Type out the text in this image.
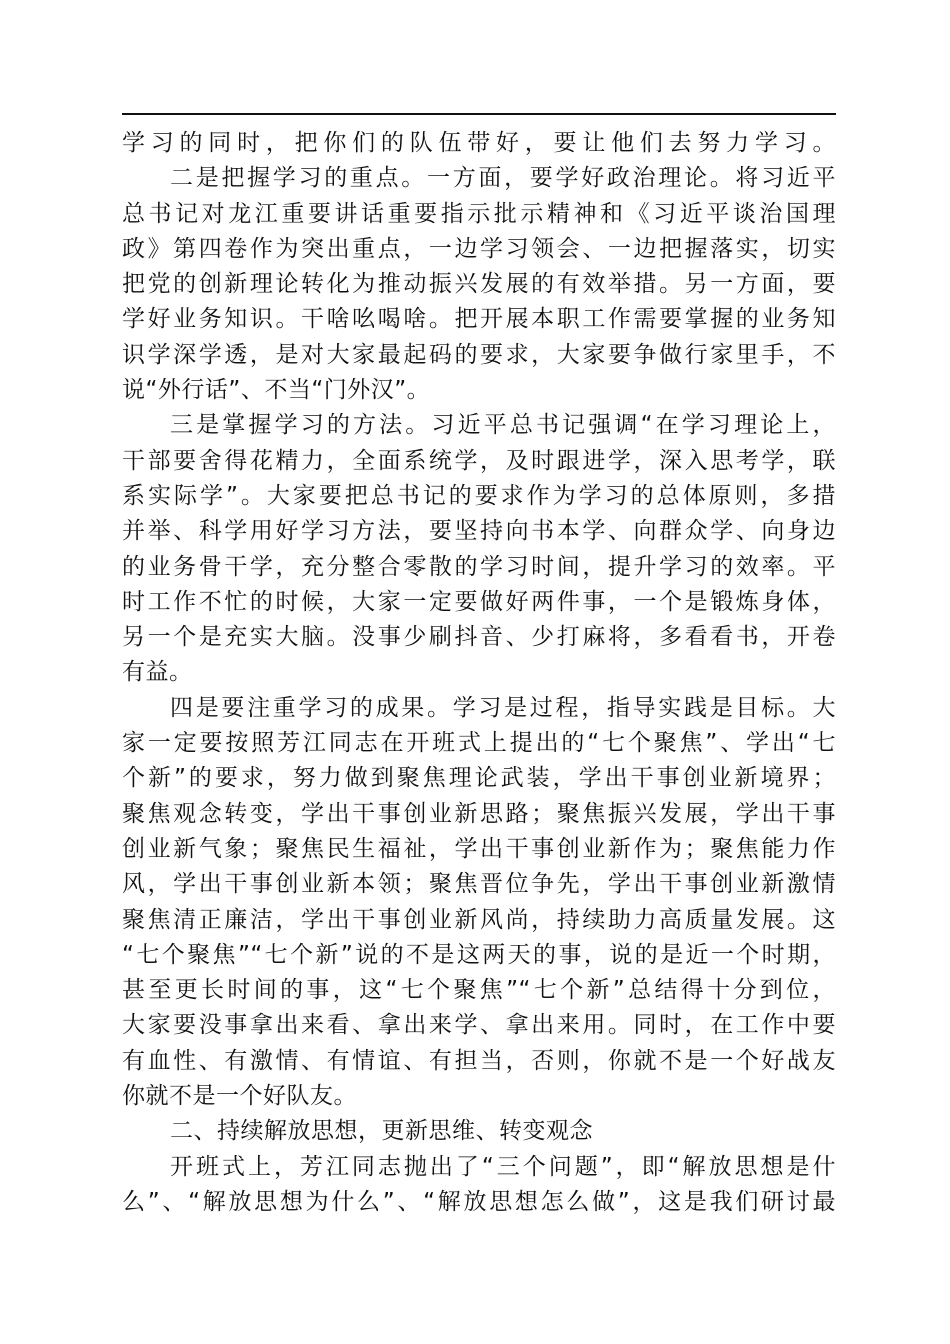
学习的同时，把你们的队伍带好，要让他们去努力学习。
二是把握学习的重点。一方面，要学好政治理论。将习近平
总书记对龙江重要讲话重要指示批示精神和《习近平谈治国理
政》第四卷作为突出重点，一边学习领会、一边把握落实，切实
把党的创新理论转化为推动振兴发展的有效举措。另一方面，要
学好业务知识。干啥吆喝啥。把开展本职工作需要掌握的业务知
识学深学透，是对大家最起码的要求，大家要争做行家里手，不
说“外行话”、不当“门外汉”。
三是掌握学习的方法。习近平总书记强调“在学习理论上，
干部要舍得花精力，全面系统学，及时跟进学，深入思考学，联
系实际学”。大家要把总书记的要求作为学习的总体原则，多措
并举、科学用好学习方法，要坚持向书本学、向群众学、向身边
的业务骨干学，充分整合零散的学习时间，提升学习的效率。平
时工作不忙的时候，大家一定要做好两件事，一个是锻炼身体，
另一个是充实大脑。没事少刷抖音、少打麻将，多看看书，开卷
有益。
四是要注重学习的成果。学习是过程，指导实践是目标。大
家一定要按照芳江同志在开班式上提出的“七个聚焦”、学出“七
个新”的要求，努力做到聚焦理论武装，学出干事创业新境界；
聚焦观念转变，学出干事创业新思路；聚焦振兴发展，学出干事
创业新气象；聚焦民生福祉，学出干事创业新作为；聚焦能力作
风，学出干事创业新本领；聚焦晋位争先，学出干事创业新激情
聚焦清正廉洁，学出干事创业新风尚，持续助力高质量发展。这
“七个聚焦”“七个新”说的不是这两天的事，说的是近一个时期，
甚至更长时间的事，这“七个聚焦”“七个新”总结得十分到位，
大家要没事拿出来看、拿出来学、拿出来用。同时，在工作中要
有血性、有激情、有情谊、有担当，否则，你就不是一个好战友
你就不是一个好队友。
二、持续解放思想，更新思维、转变观念
开班式上，芳江同志抛出了“三个问题”，即“解放思想是什
么”、“解放思想为什么”、“解放思想怎么做”，这是我们研讨最
